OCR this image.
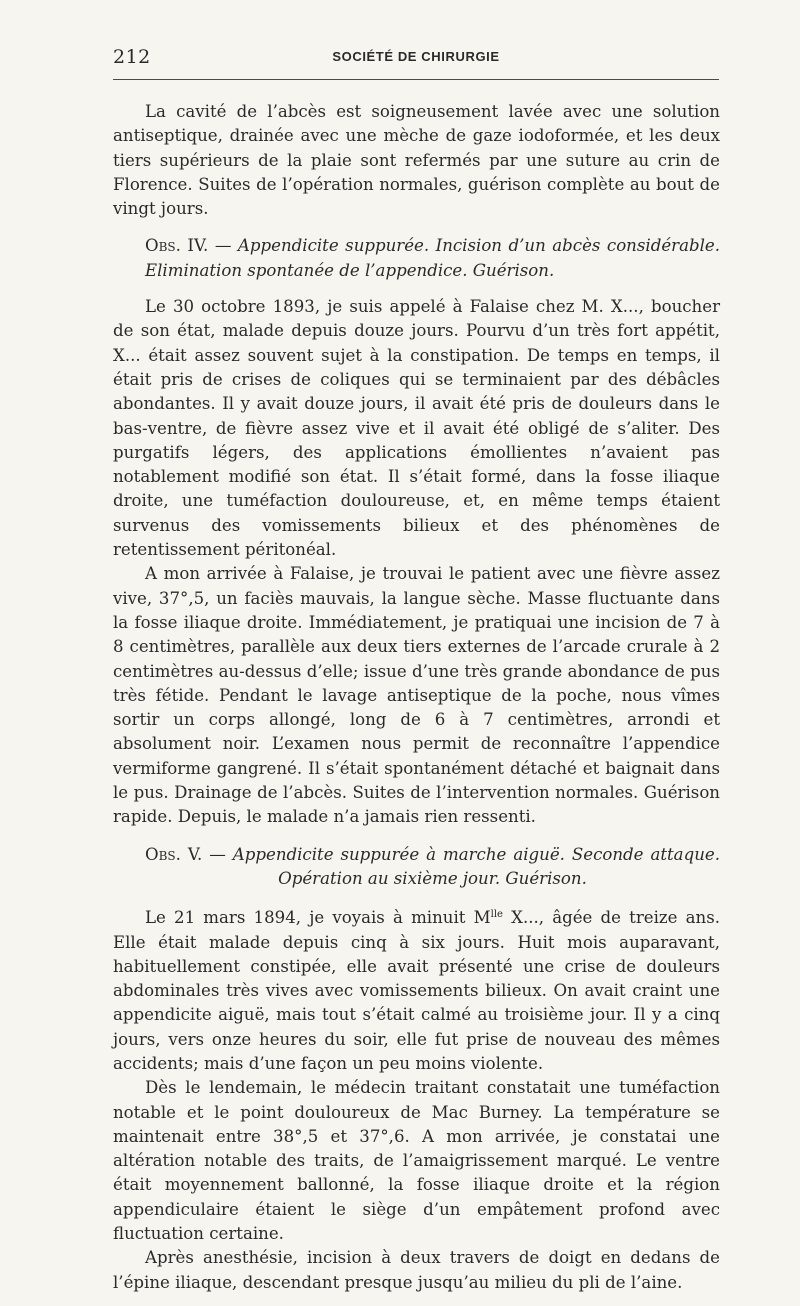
212	SOCIÉTÉ DE CHIRURGIE

La cavité de l’abcès est soigneusement lavée avec une solution antiseptique, drainée avec une mèche de gaze iodoformée, et les deux tiers supérieurs de la plaie sont refermés par une suture au crin de Florence. Suites de l’opération normales, guérison complète au bout de vingt jours.

Obs. IV. — Appendicite suppurée. Incision d’un abcès considérable. Elimination spontanée de l’appendice. Guérison.

Le 30 octobre 1893, je suis appelé à Falaise chez M. X..., boucher de son état, malade depuis douze jours. Pourvu d’un très fort appétit, X... était assez souvent sujet à la constipation. De temps en temps, il était pris de crises de coliques qui se terminaient par des débâcles abondantes. Il y avait douze jours, il avait été pris de douleurs dans le bas-ventre, de fièvre assez vive et il avait été obligé de s’aliter. Des purgatifs légers, des applications émollientes n’avaient pas notablement modifié son état. Il s’était formé, dans la fosse iliaque droite, une tuméfaction douloureuse, et, en même temps étaient survenus des vomissements bilieux et des phénomènes de retentissement péritonéal.

A mon arrivée à Falaise, je trouvai le patient avec une fièvre assez vive, 37°,5, un faciès mauvais, la langue sèche. Masse fluctuante dans la fosse iliaque droite. Immédiatement, je pratiquai une incision de 7 à 8 centimètres, parallèle aux deux tiers externes de l’arcade crurale à 2 centimètres au-dessus d’elle; issue d’une très grande abondance de pus très fétide. Pendant le lavage antiseptique de la poche, nous vîmes sortir un corps allongé, long de 6 à 7 centimètres, arrondi et absolument noir. L’examen nous permit de reconnaître l’appendice vermiforme gangrené. Il s’était spontanément détaché et baignait dans le pus. Drainage de l’abcès. Suites de l’intervention normales. Guérison rapide. Depuis, le malade n’a jamais rien ressenti.

Obs. V. — Appendicite suppurée à marche aiguë. Seconde attaque. Opération au sixième jour. Guérison.

Le 21 mars 1894, je voyais à minuit $M^{lle}$ X..., âgée de treize ans. Elle était malade depuis cinq à six jours. Huit mois auparavant, habituellement constipée, elle avait présenté une crise de douleurs abdominales très vives avec vomissements bilieux. On avait craint une appendicite aiguë, mais tout s’était calmé au troisième jour. Il y a cinq jours, vers onze heures du soir, elle fut prise de nouveau des mêmes accidents; mais d’une façon un peu moins violente.

Dès le lendemain, le médecin traitant constatait une tuméfaction notable et le point douloureux de Mac Burney. La température se maintenait entre 38°,5 et 37°,6. A mon arrivée, je constatai une altération notable des traits, de l’amaigrissement marqué. Le ventre était moyennement ballonné, la fosse iliaque droite et la région appendiculaire étaient le siège d’un empâtement profond avec fluctuation certaine.

Après anesthésie, incision à deux travers de doigt en dedans de l’épine iliaque, descendant presque jusqu’au milieu du pli de l’aine.
